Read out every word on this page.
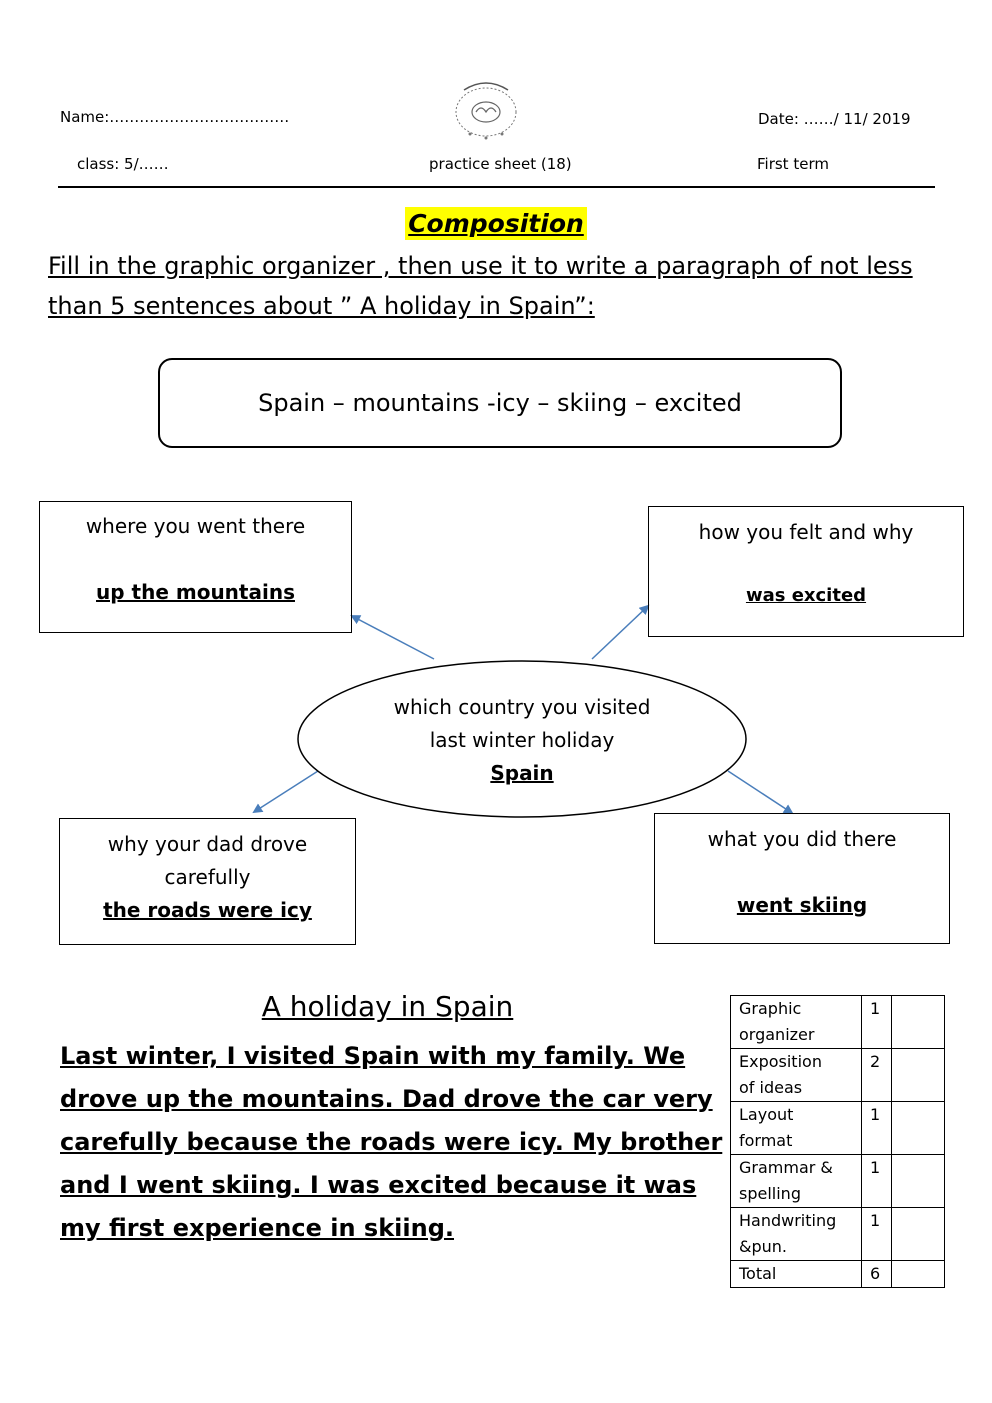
Name:………………………………	Date: ……/ 11/ 2019
class: 5/……	practice sheet (18)	First term
Composition
Fill in the graphic organizer , then use it to write a paragraph of not less than 5 sentences about ” A holiday in Spain”:
Spain – mountains -icy – skiing – excited
where you went there
up the mountains
how you felt and why
was excited
which country you visited
last winter holiday
Spain
why your dad drove
carefully
the roads were icy
what you did there
went skiing
A holiday in Spain
Last winter, I visited Spain with my family. We
drove up the mountains. Dad drove the car very
carefully because the roads were icy. My brother
and I went skiing. I was excited because it was
my first experience in skiing.
Graphic
organizer	1	

Exposition
of ideas	2	

Layout
format	1	

Grammar &
spelling	1	

Handwriting
&pun.	1	
Total	6	
